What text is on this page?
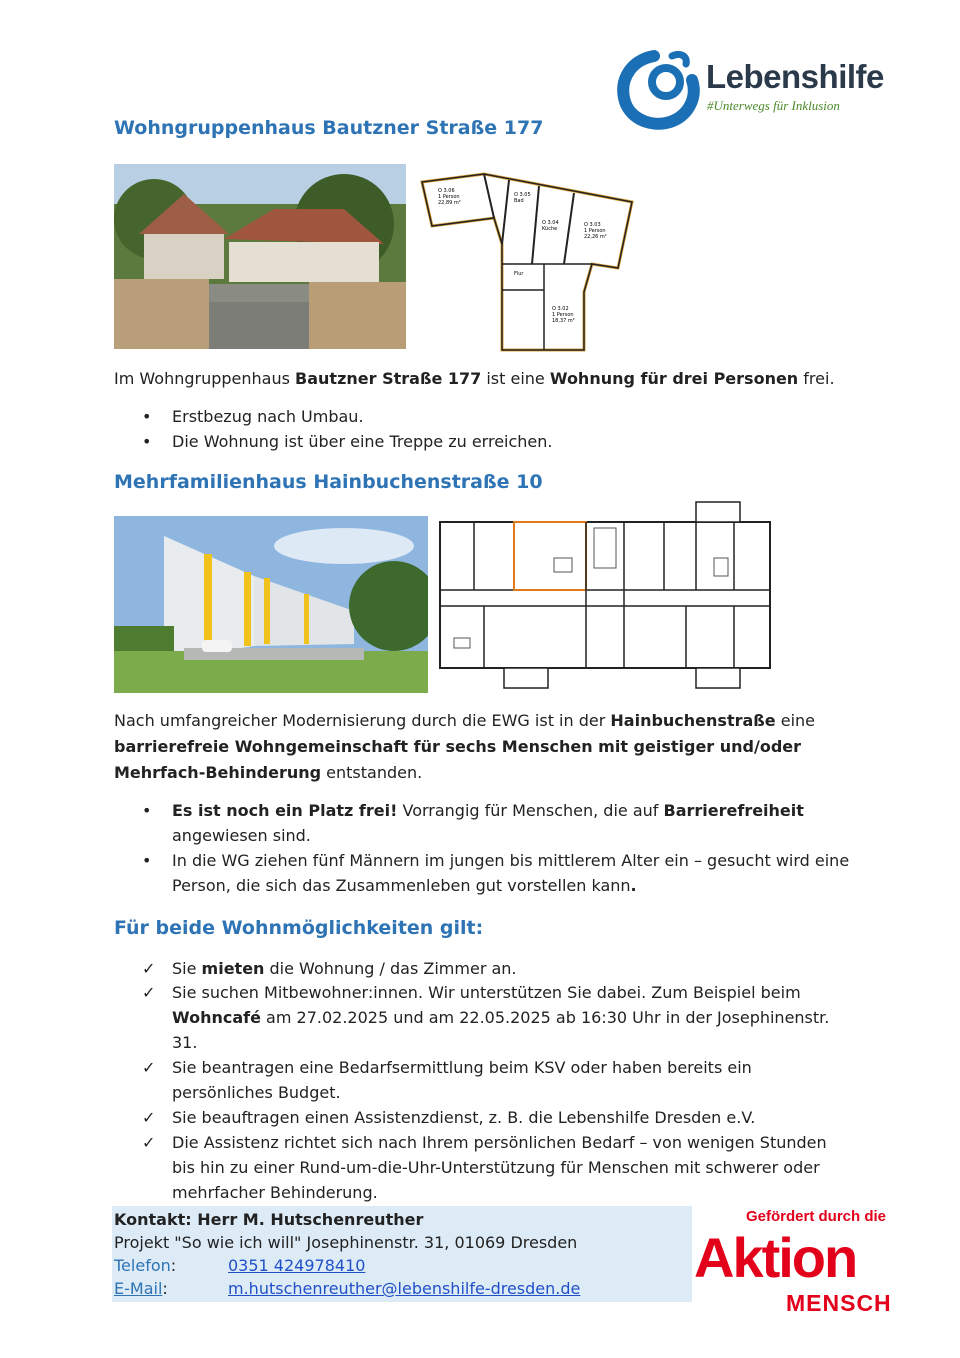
Lebenshilfe
#Unterwegs für Inklusion
Wohngruppenhaus Bautzner Straße 177
O 3.06
1 Person
22,89 m²
O 3.05
Bad
O 3.04
Küche
O 3.03
1 Person
22,26 m²
O 3.02
1 Person
18,37 m²
Flur
Im Wohngruppenhaus Bautzner Straße 177 ist eine Wohnung für drei Personen frei.
• Erstbezug nach Umbau.
• Die Wohnung ist über eine Treppe zu erreichen.
Mehrfamilienhaus Hainbuchenstraße 10
Nach umfangreicher Modernisierung durch die EWG ist in der Hainbuchenstraße eine barrierefreie Wohngemeinschaft für sechs Menschen mit geistiger und/oder Mehrfach-Behinderung entstanden.
• Es ist noch ein Platz frei! Vorrangig für Menschen, die auf Barrierefreiheit angewiesen sind.
• In die WG ziehen fünf Männern im jungen bis mittlerem Alter ein – gesucht wird eine Person, die sich das Zusammenleben gut vorstellen kann.
Für beide Wohnmöglichkeiten gilt:
✓ Sie mieten die Wohnung / das Zimmer an.
✓ Sie suchen Mitbewohner:innen. Wir unterstützen Sie dabei. Zum Beispiel beim Wohncafé am 27.02.2025 und am 22.05.2025 ab 16:30 Uhr in der Josephinenstr. 31.
✓ Sie beantragen eine Bedarfsermittlung beim KSV oder haben bereits ein persönliches Budget.
✓ Sie beauftragen einen Assistenzdienst, z. B. die Lebenshilfe Dresden e.V.
✓ Die Assistenz richtet sich nach Ihrem persönlichen Bedarf – von wenigen Stunden bis hin zu einer Rund-um-die-Uhr-Unterstützung für Menschen mit schwerer oder mehrfacher Behinderung.
Kontakt: Herr M. Hutschenreuther
Projekt "So wie ich will" Josephinenstr. 31, 01069 Dresden
Telefon:	0351 424978410
E-Mail:	m.hutschenreuther@lebenshilfe-dresden.de
Gefördert durch die
Aktion
MENSCH
